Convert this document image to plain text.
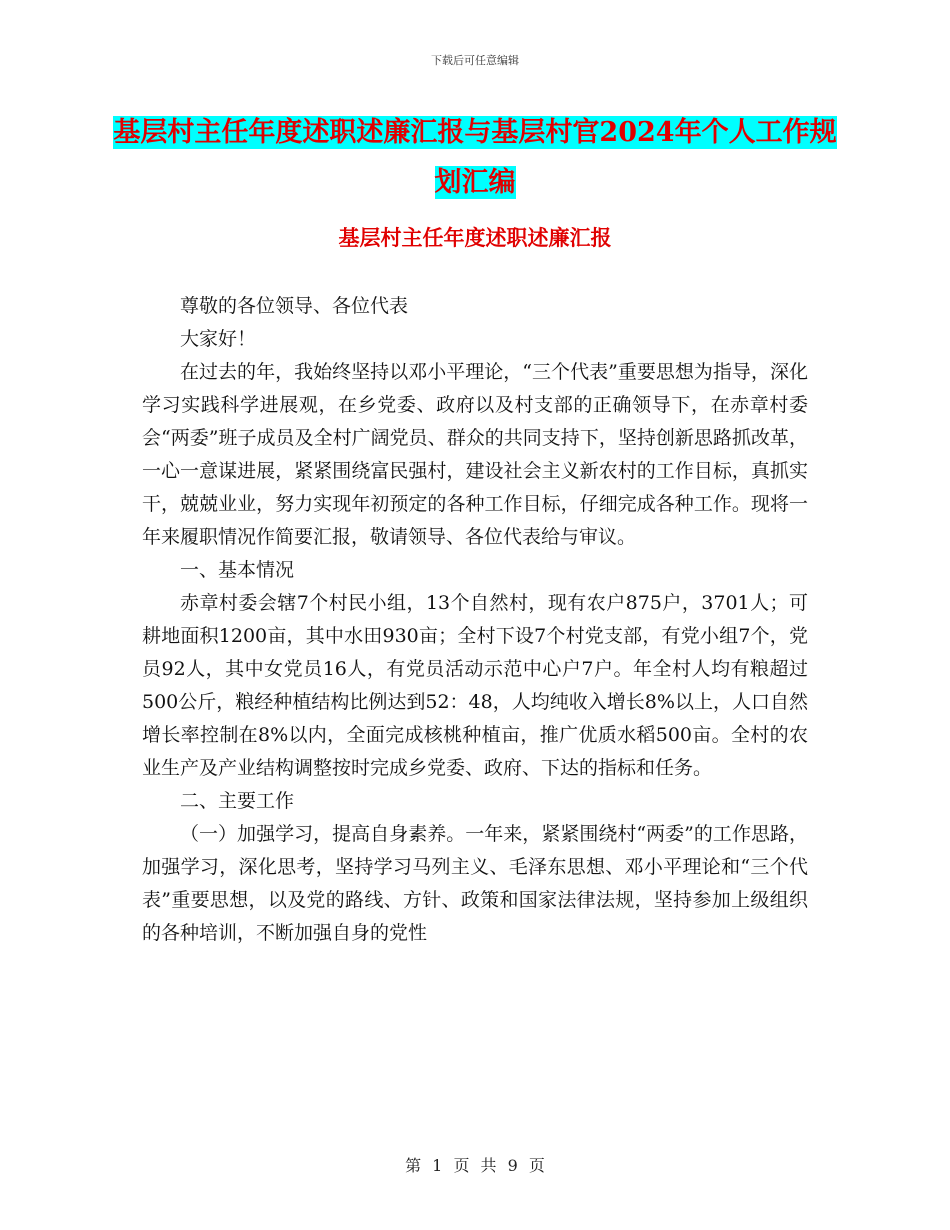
下载后可任意编辑
基层村主任年度述职述廉汇报与基层村官2024年个人工作规划汇编
基层村主任年度述职述廉汇报

尊敬的各位领导、各位代表

大家好！

在过去的年，我始终坚持以邓小平理论，“三个代表”重要思想为指导，深化学习实践科学进展观，在乡党委、政府以及村支部的正确领导下，在赤章村委会“两委”班子成员及全村广阔党员、群众的共同支持下，坚持创新思路抓改革，一心一意谋进展，紧紧围绕富民强村，建设社会主义新农村的工作目标，真抓实干，兢兢业业，努力实现年初预定的各种工作目标，仔细完成各种工作。现将一年来履职情况作简要汇报，敬请领导、各位代表给与审议。

一、基本情况

赤章村委会辖7个村民小组，13个自然村，现有农户875户，3701人；可耕地面积1200亩，其中水田930亩；全村下设7个村党支部，有党小组7个，党员92人，其中女党员16人，有党员活动示范中心户7户。年全村人均有粮超过500公斤，粮经种植结构比例达到52：48，人均纯收入增长8%以上，人口自然增长率控制在8%以内，全面完成核桃种植亩，推广优质水稻500亩。全村的农业生产及产业结构调整按时完成乡党委、政府、下达的指标和任务。

二、主要工作

（一）加强学习，提高自身素养。一年来，紧紧围绕村“两委”的工作思路，加强学习，深化思考，坚持学习马列主义、毛泽东思想、邓小平理论和“三个代表”重要思想，以及党的路线、方针、政策和国家法律法规，坚持参加上级组织的各种培训，不断加强自身的党性

第 1 页 共 9 页
